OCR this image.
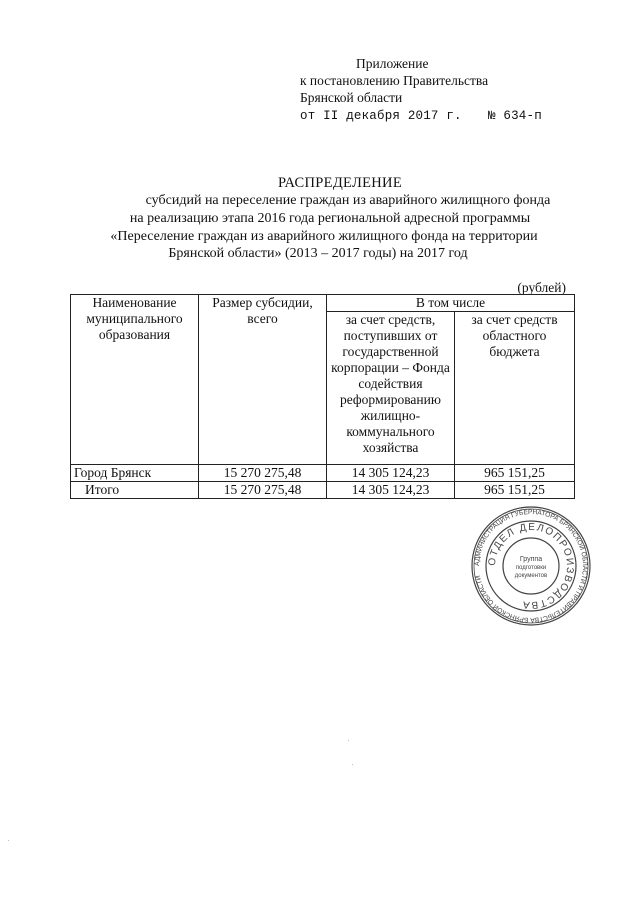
Приложение
к постановлению Правительства
Брянской области
от II декабря 2017 г. № 634-п
РАСПРЕДЕЛЕНИЕ
субсидий на переселение граждан из аварийного жилищного фонда
на реализацию этапа 2016 года региональной адресной программы
«Переселение граждан из аварийного жилищного фонда на территории
Брянской области» (2013 – 2017 годы) на 2017 год
(рублей)
Наименование муниципального образования	Размер субсидии, всего	В том числе	
		за счет средств, поступивших от государственной корпорации – Фонда содействия реформированию жилищно-коммунального хозяйства	за счет средств областного бюджета
Город Брянск	15 270 275,48	14 305 124,23	965 151,25
Итого	15 270 275,48	14 305 124,23	965 151,25
АДМИНИСТРАЦИЯ ГУБЕРНАТОРА БРЯНСКОЙ ОБЛАСТИ И ПРАВИТЕЛЬСТВА БРЯНСКОЙ ОБЛАСТИ
ОТДЕЛ ДЕЛОПРОИЗВОДСТВА
Группа
подготовки
документов
